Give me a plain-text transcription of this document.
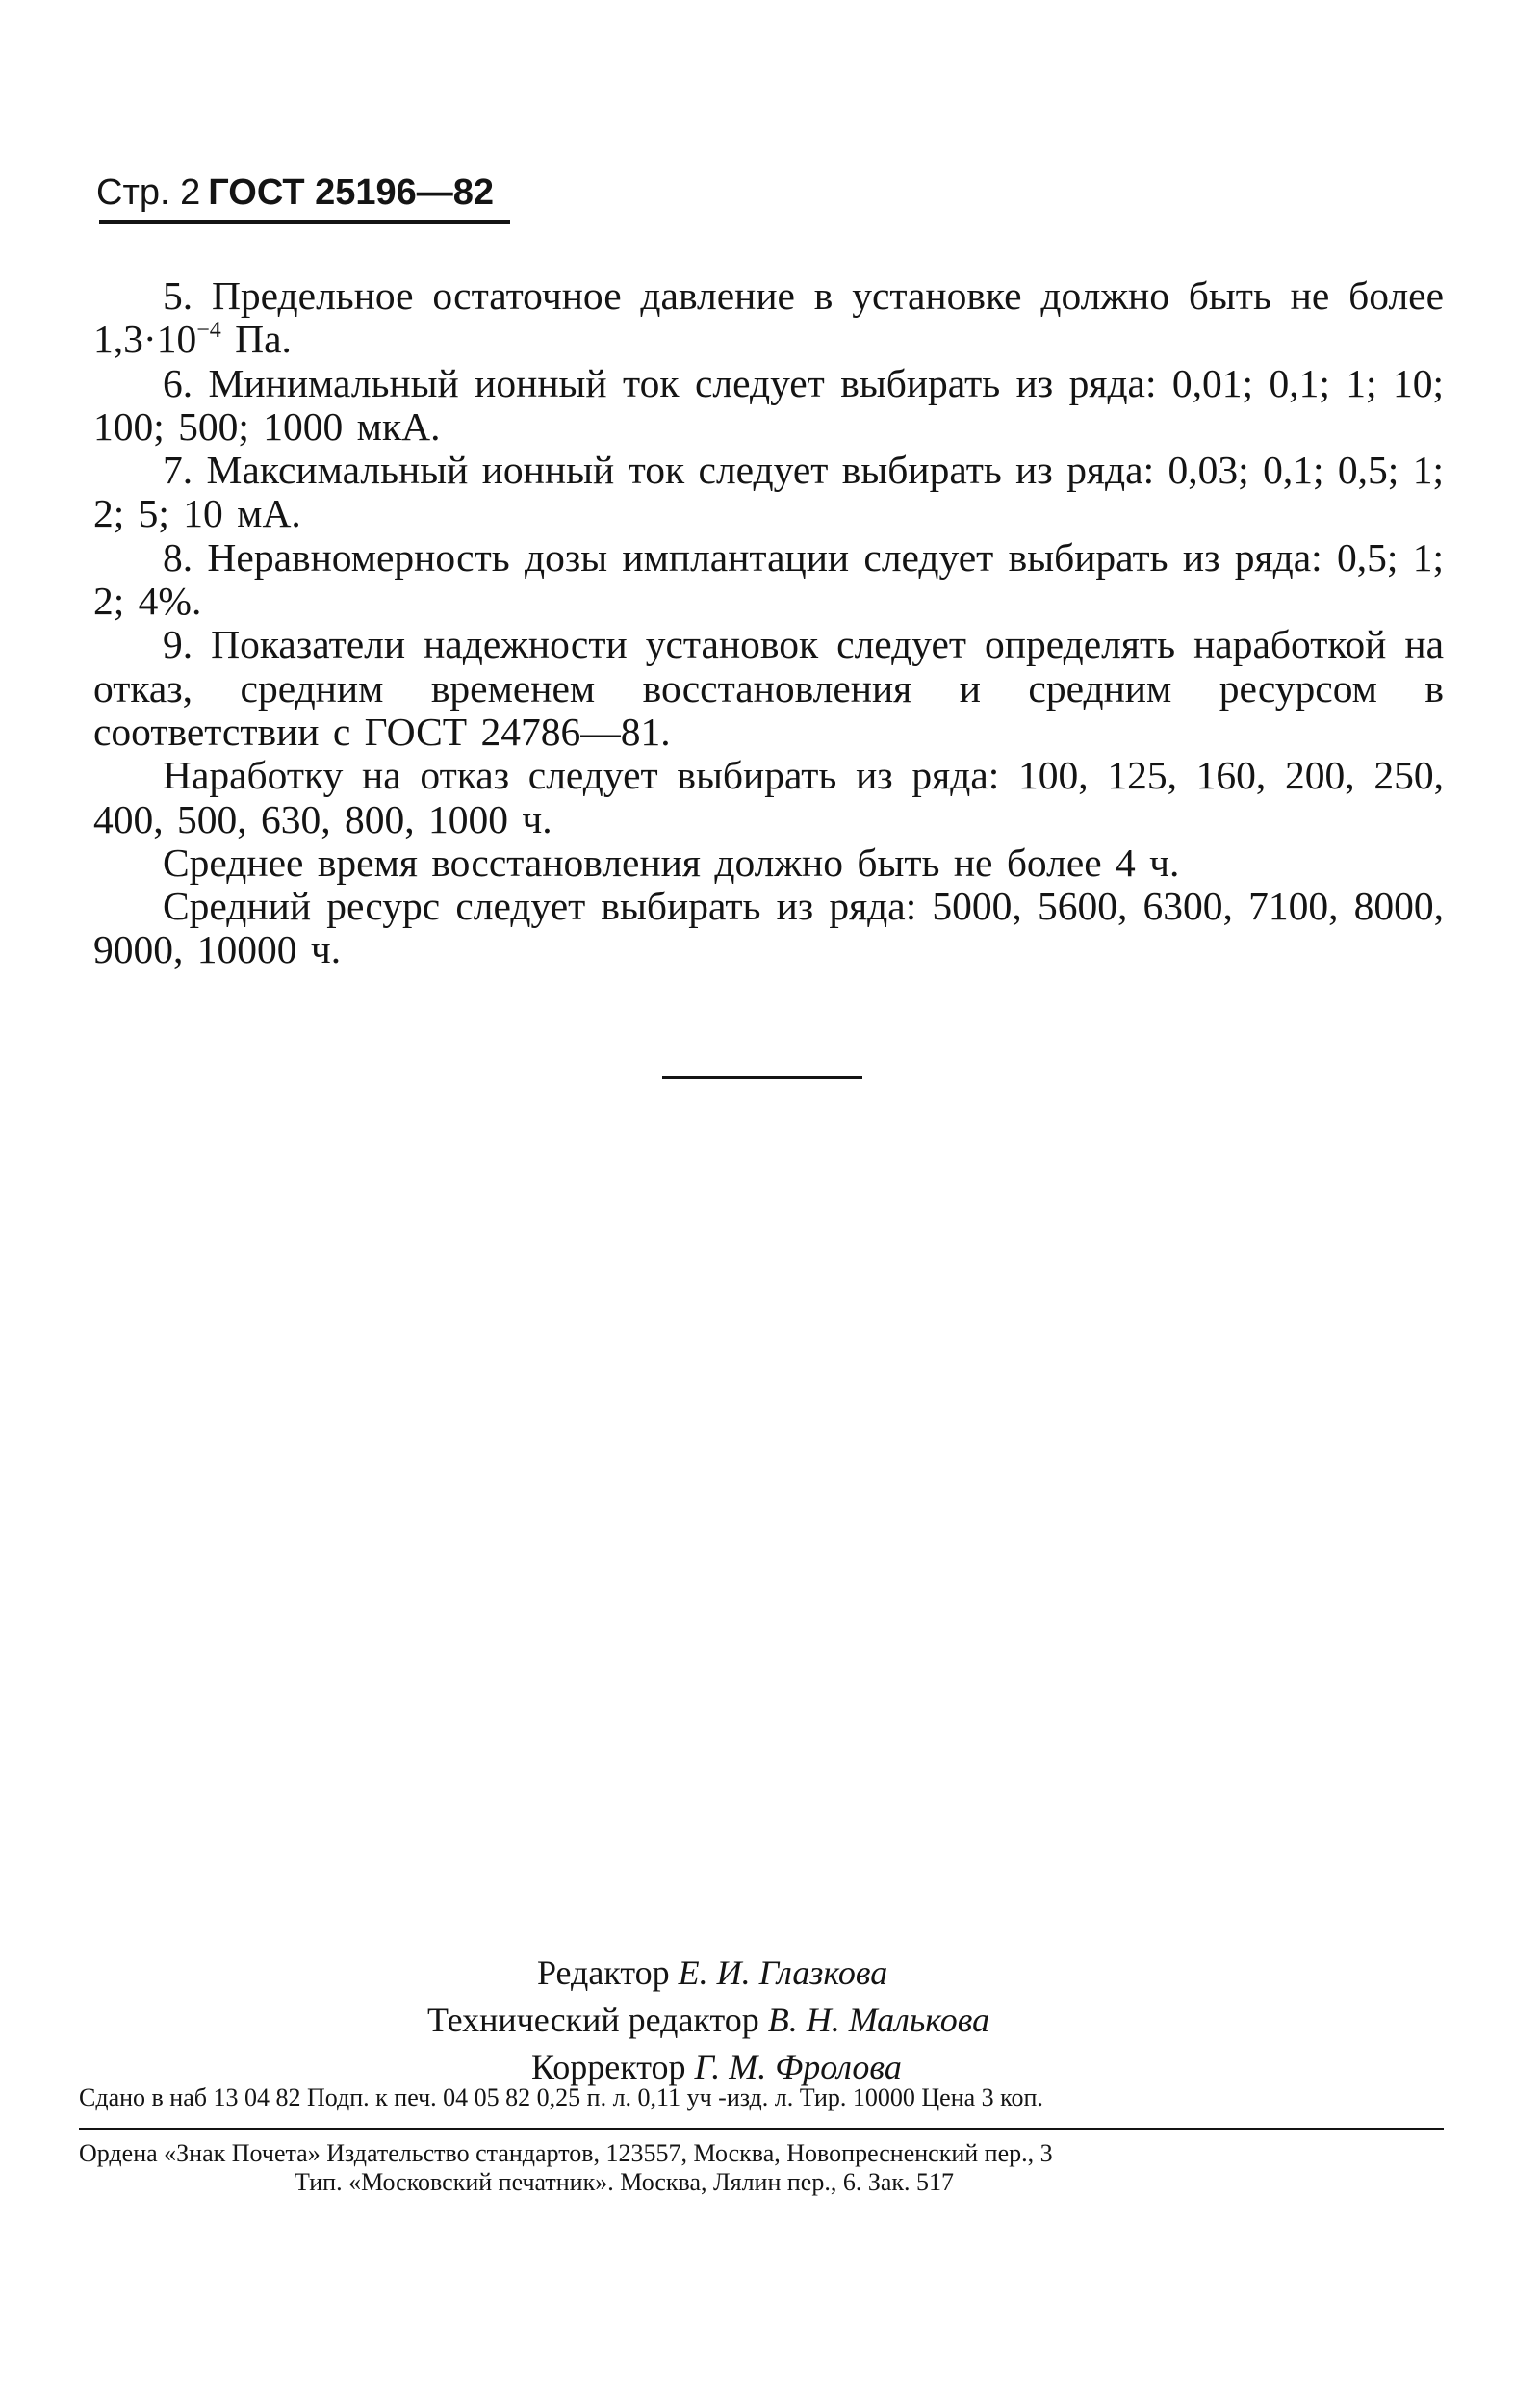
Стр. 2 ГОСТ 25196—82

5. Предельное остаточное давление в установке должно быть не более $1,3\cdot 10^{-4}$ Па.

6. Минимальный ионный ток следует выбирать из ряда: 0,01; 0,1; 1; 10; 100; 500; 1000 мкА.

7. Максимальный ионный ток следует выбирать из ряда: 0,03; 0,1; 0,5; 1; 2; 5; 10 мА.

8. Неравномерность дозы имплантации следует выбирать из ряда: 0,5; 1; 2; 4%.

9. Показатели надежности установок следует определять наработкой на отказ, средним временем восстановления и средним ресурсом в соответствии с ГОСТ 24786—81.

Наработку на отказ следует выбирать из ряда: 100, 125, 160, 200, 250, 400, 500, 630, 800, 1000 ч.

Среднее время восстановления должно быть не более 4 ч.

Средний ресурс следует выбирать из ряда: 5000, 5600, 6300, 7100, 8000, 9000, 10000 ч.

Редактор Е. И. Глазкова
Технический редактор В. Н. Малькова
Корректор Г. М. Фролова
Сдано в наб 13 04 82 Подп. к печ. 04 05 82 0,25 п. л. 0,11 уч -изд. л. Тир. 10000 Цена 3 коп.
Ордена «Знак Почета» Издательство стандартов, 123557, Москва, Новопресненский пер., 3
Тип. «Московский печатник». Москва, Лялин пер., 6. Зак. 517
